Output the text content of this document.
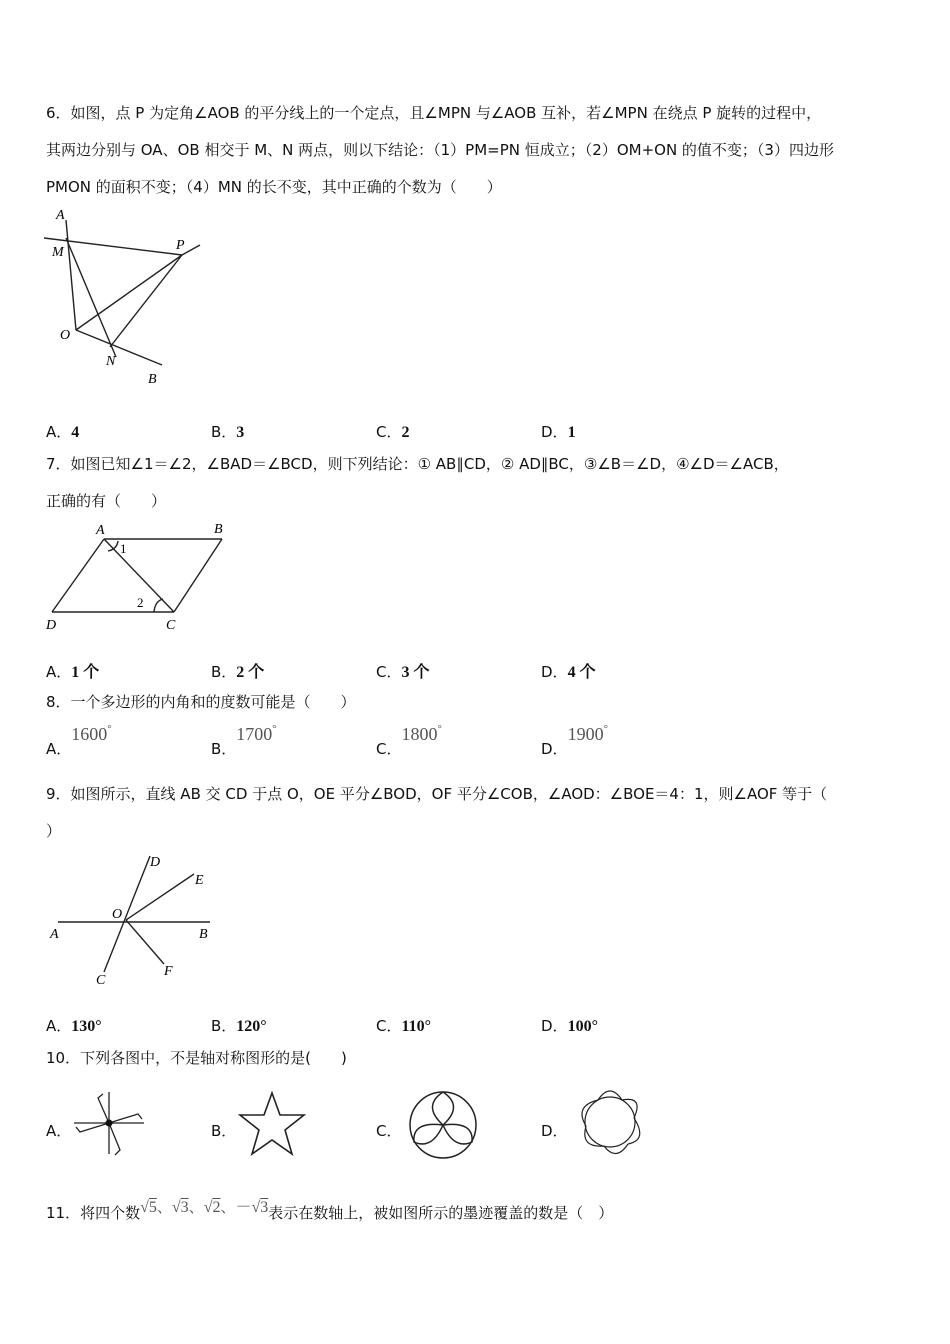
6．如图，点 P 为定角∠AOB 的平分线上的一个定点，且∠MPN 与∠AOB 互补，若∠MPN 在绕点 P 旋转的过程中，
其两边分别与 OA、OB 相交于 M、N 两点，则以下结论：（1）PM=PN 恒成立；（2）OM+ON 的值不变；（3）四边形
PMON 的面积不变；（4）MN 的长不变，其中正确的个数为（　　）
A
M	P
O
N
B
A．4	B．3	C．2	D．1
7．如图已知∠1＝∠2，∠BAD＝∠BCD，则下列结论：① AB∥CD，② AD∥BC，③∠B＝∠D，④∠D＝∠ACB，
正确的有（　　）
A	B
C
D
1
2
A．1 个	B．2 个	C．3 个	D．4 个
8．一个多边形的内角和的度数可能是（　　）
A．1600°
B．1700°
C．1800°
D．1900°
9．如图所示，直线 AB 交 CD 于点 O，OE 平分∠BOD，OF 平分∠COB，∠AOD：∠BOE＝4：1，则∠AOF 等于（
）
A	B
C
D
E
F
O
A．130°	B．120°	C．110°	D．100°
10．下列各图中，不是轴对称图形的是(　　)
A．	B．	C．	D．
11．将四个数√5、√3、√2、－√3表示在数轴上，被如图所示的墨迹覆盖的数是（　）
